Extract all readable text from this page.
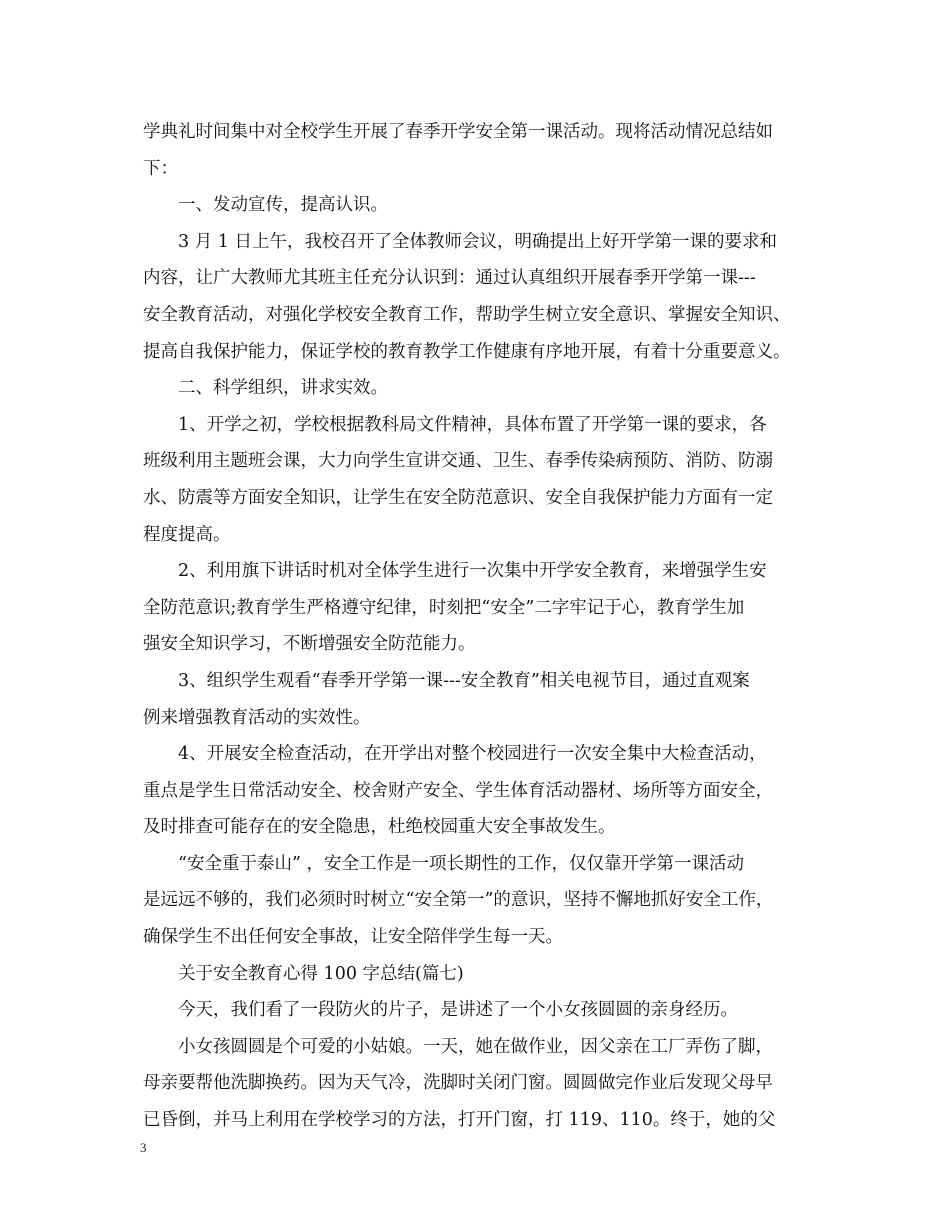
学典礼时间集中对全校学生开展了春季开学安全第一课活动。现将活动情况总结如
下：
一、发动宣传，提高认识。
3 月 1 日上午，我校召开了全体教师会议，明确提出上好开学第一课的要求和
内容，让广大教师尤其班主任充分认识到：通过认真组织开展春季开学第一课---
安全教育活动，对强化学校安全教育工作，帮助学生树立安全意识、掌握安全知识、
提高自我保护能力，保证学校的教育教学工作健康有序地开展，有着十分重要意义。
二、科学组织，讲求实效。
1、开学之初，学校根据教科局文件精神，具体布置了开学第一课的要求，各
班级利用主题班会课，大力向学生宣讲交通、卫生、春季传染病预防、消防、防溺
水、防震等方面安全知识，让学生在安全防范意识、安全自我保护能力方面有一定
程度提高。
2、利用旗下讲话时机对全体学生进行一次集中开学安全教育，来增强学生安
全防范意识;教育学生严格遵守纪律，时刻把“安全”二字牢记于心，教育学生加
强安全知识学习，不断增强安全防范能力。
3、组织学生观看“春季开学第一课---安全教育”相关电视节目，通过直观案
例来增强教育活动的实效性。
4、开展安全检查活动，在开学出对整个校园进行一次安全集中大检查活动，
重点是学生日常活动安全、校舍财产安全、学生体育活动器材、场所等方面安全，
及时排查可能存在的安全隐患，杜绝校园重大安全事故发生。
“安全重于泰山” ，安全工作是一项长期性的工作，仅仅靠开学第一课活动
是远远不够的，我们必须时时树立“安全第一”的意识，坚持不懈地抓好安全工作，
确保学生不出任何安全事故，让安全陪伴学生每一天。
关于安全教育心得 100 字总结(篇七)
今天，我们看了一段防火的片子，是讲述了一个小女孩圆圆的亲身经历。
小女孩圆圆是个可爱的小姑娘。一天，她在做作业，因父亲在工厂弄伤了脚，
母亲要帮他洗脚换药。因为天气冷，洗脚时关闭门窗。圆圆做完作业后发现父母早
已昏倒，并马上利用在学校学习的方法，打开门窗，打 119、110。终于，她的父
3
